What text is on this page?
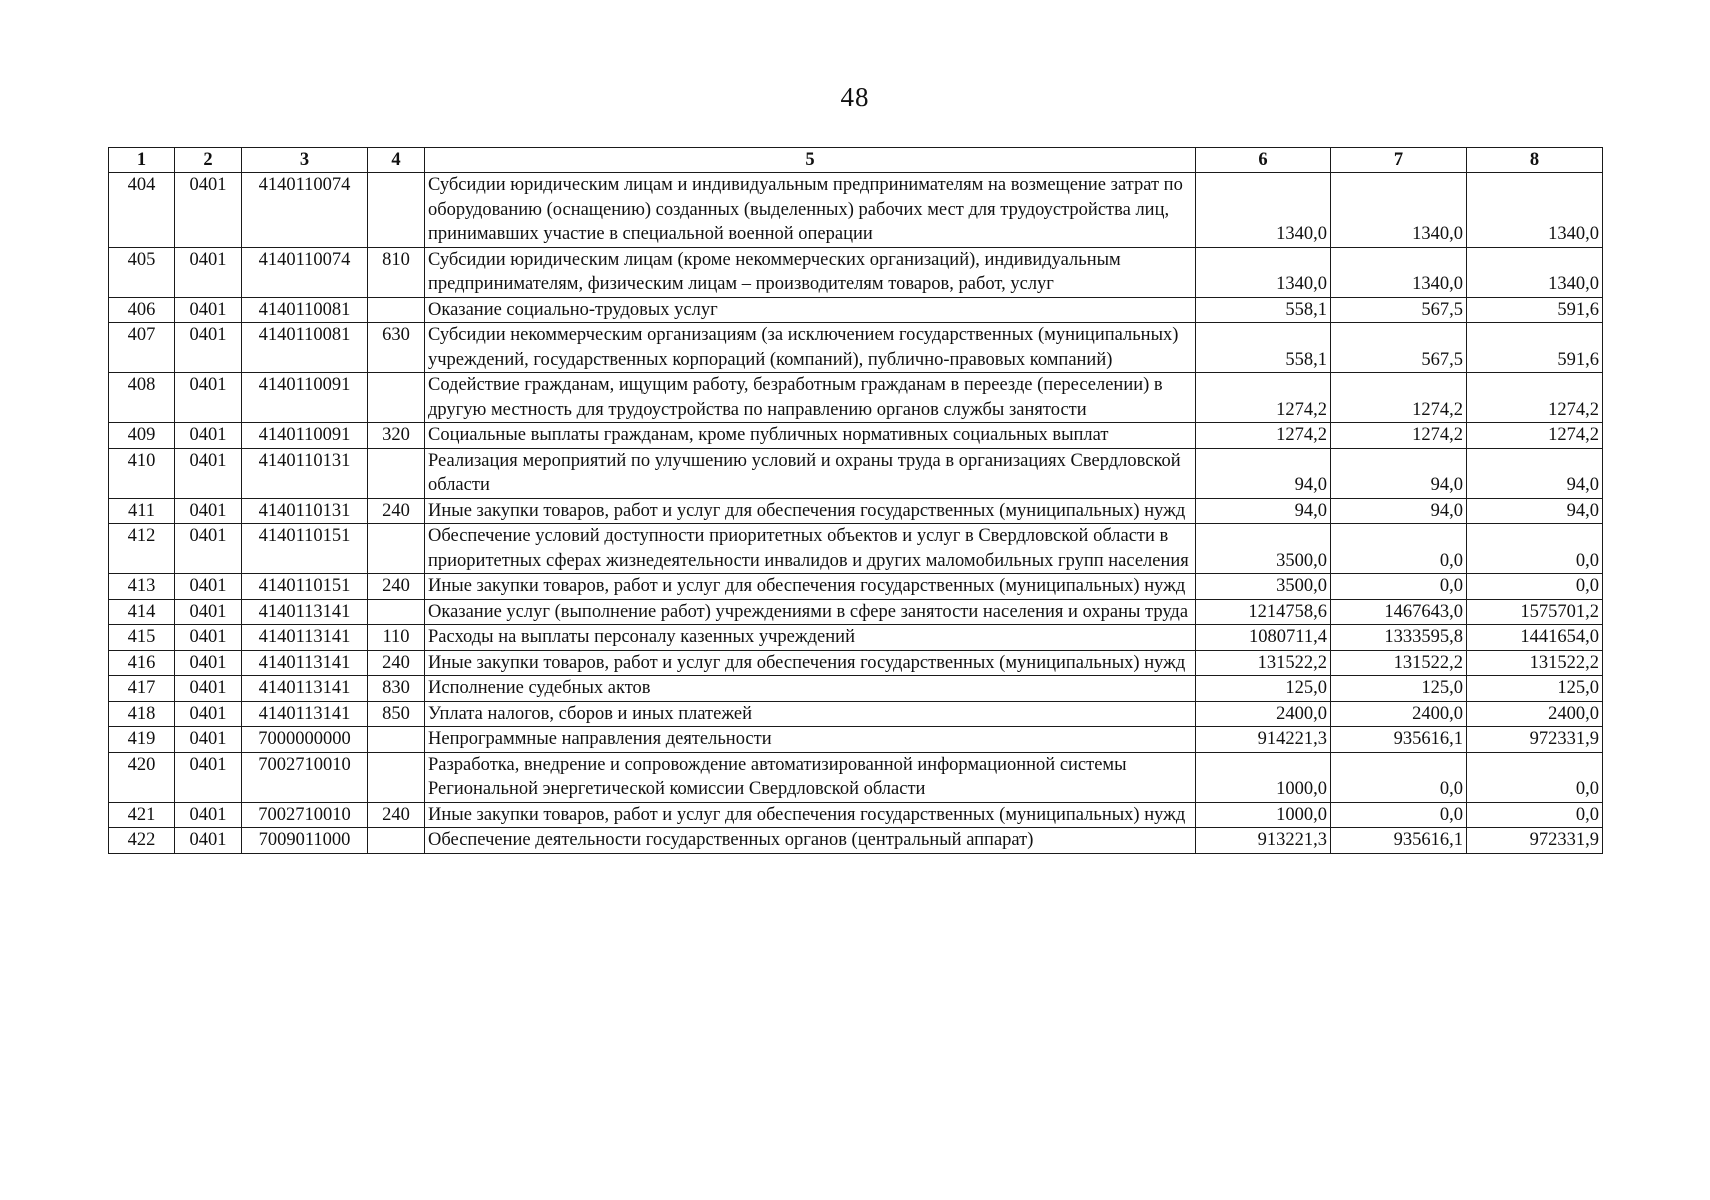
48
1	2	3	4	5	6	7	8
404	0401	4140110074		Субсидии юридическим лицам и индивидуальным предпринимателям на возмещение затрат по оборудованию (оснащению) созданных (выделенных) рабочих мест для трудоустройства лиц, принимавших участие в специальной военной операции	1340,0	1340,0	1340,0
405	0401	4140110074	810	Субсидии юридическим лицам (кроме некоммерческих организаций), индивидуальным предпринимателям, физическим лицам – производителям товаров, работ, услуг	1340,0	1340,0	1340,0
406	0401	4140110081		Оказание социально-трудовых услуг	558,1	567,5	591,6
407	0401	4140110081	630	Субсидии некоммерческим организациям (за исключением государственных (муниципальных) учреждений, государственных корпораций (компаний), публично-правовых компаний)	558,1	567,5	591,6
408	0401	4140110091		Содействие гражданам, ищущим работу, безработным гражданам в переезде (переселении) в другую местность для трудоустройства по направлению органов службы занятости	1274,2	1274,2	1274,2
409	0401	4140110091	320	Социальные выплаты гражданам, кроме публичных нормативных социальных выплат	1274,2	1274,2	1274,2
410	0401	4140110131		Реализация мероприятий по улучшению условий и охраны труда в организациях Свердловской области	94,0	94,0	94,0
411	0401	4140110131	240	Иные закупки товаров, работ и услуг для обеспечения государственных (муниципальных) нужд	94,0	94,0	94,0
412	0401	4140110151		Обеспечение условий доступности приоритетных объектов и услуг в Свердловской области в приоритетных сферах жизнедеятельности инвалидов и других маломобильных групп населения	3500,0	0,0	0,0
413	0401	4140110151	240	Иные закупки товаров, работ и услуг для обеспечения государственных (муниципальных) нужд	3500,0	0,0	0,0
414	0401	4140113141		Оказание услуг (выполнение работ) учреждениями в сфере занятости населения и охраны труда	1214758,6	1467643,0	1575701,2
415	0401	4140113141	110	Расходы на выплаты персоналу казенных учреждений	1080711,4	1333595,8	1441654,0
416	0401	4140113141	240	Иные закупки товаров, работ и услуг для обеспечения государственных (муниципальных) нужд	131522,2	131522,2	131522,2
417	0401	4140113141	830	Исполнение судебных актов	125,0	125,0	125,0
418	0401	4140113141	850	Уплата налогов, сборов и иных платежей	2400,0	2400,0	2400,0
419	0401	7000000000		Непрограммные направления деятельности	914221,3	935616,1	972331,9
420	0401	7002710010		Разработка, внедрение и сопровождение автоматизированной информационной системы Региональной энергетической комиссии Свердловской области	1000,0	0,0	0,0
421	0401	7002710010	240	Иные закупки товаров, работ и услуг для обеспечения государственных (муниципальных) нужд	1000,0	0,0	0,0
422	0401	7009011000		Обеспечение деятельности государственных органов (центральный аппарат)	913221,3	935616,1	972331,9
